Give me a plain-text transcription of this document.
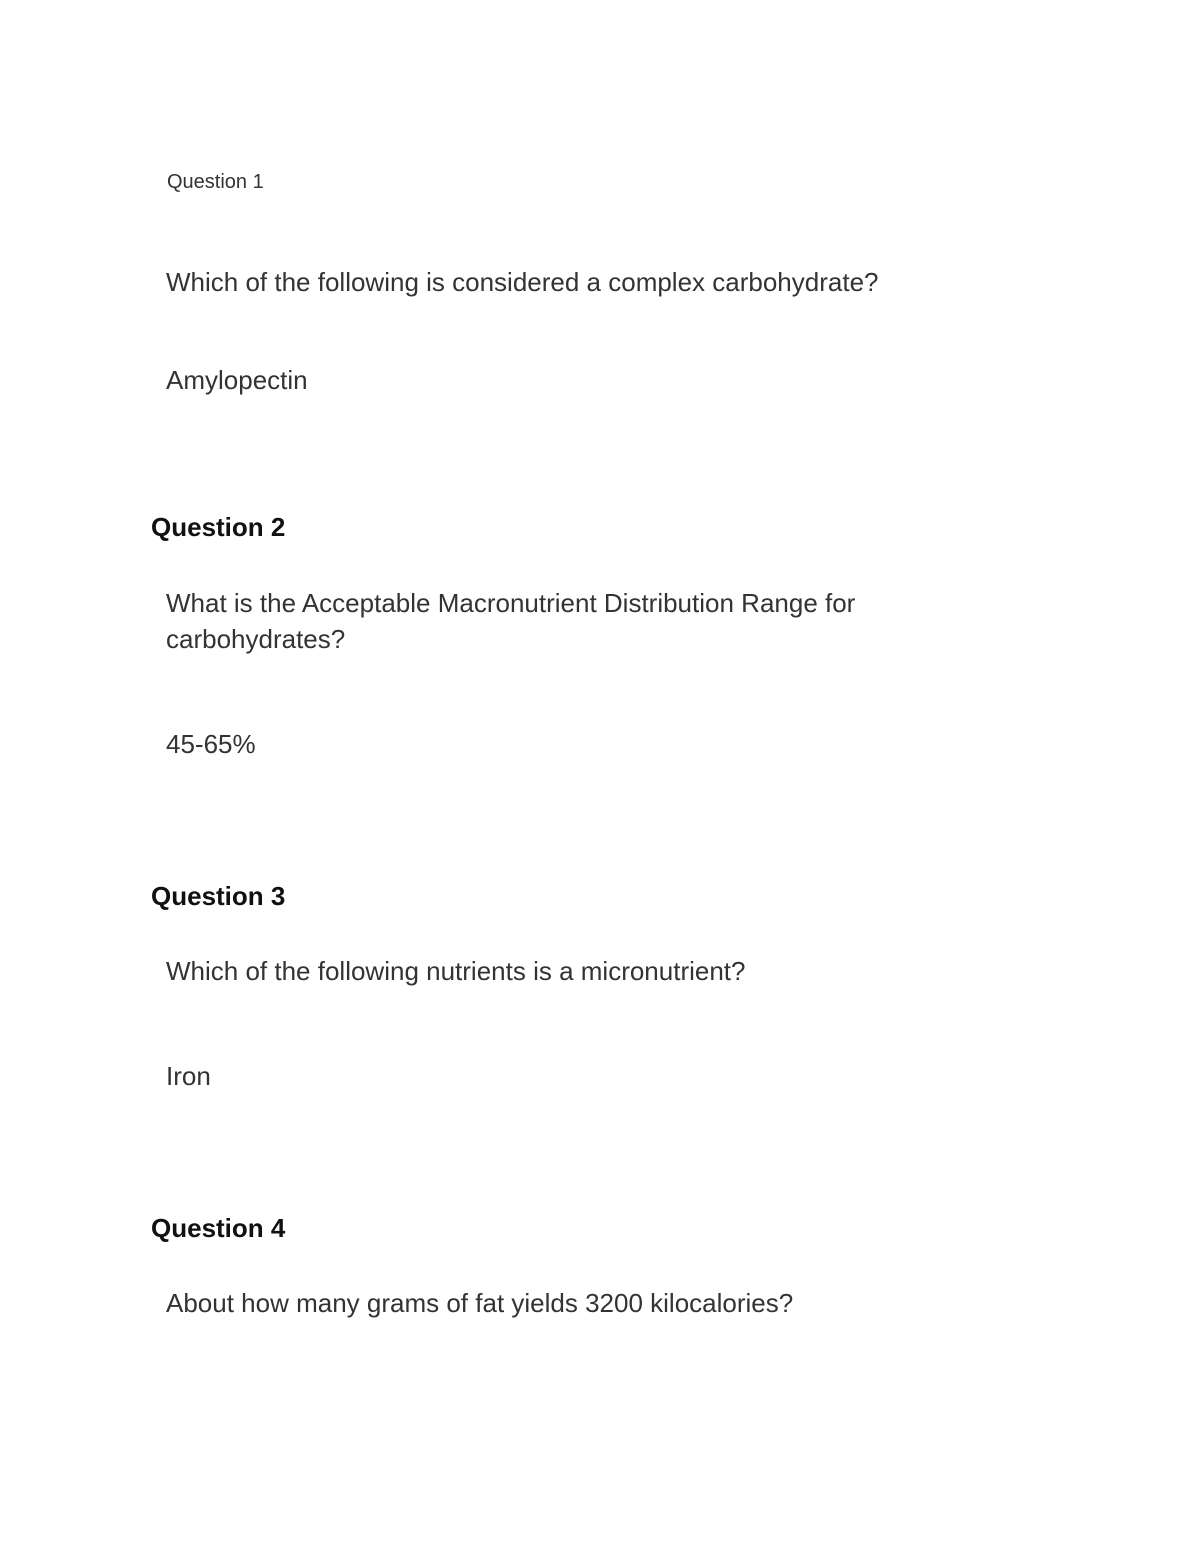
Question 1
Which of the following is considered a complex carbohydrate?
Amylopectin
Question 2
What is the Acceptable Macronutrient Distribution Range for carbohydrates?
45-65%
Question 3
Which of the following nutrients is a micronutrient?
Iron
Question 4
About how many grams of fat yields 3200 kilocalories?
